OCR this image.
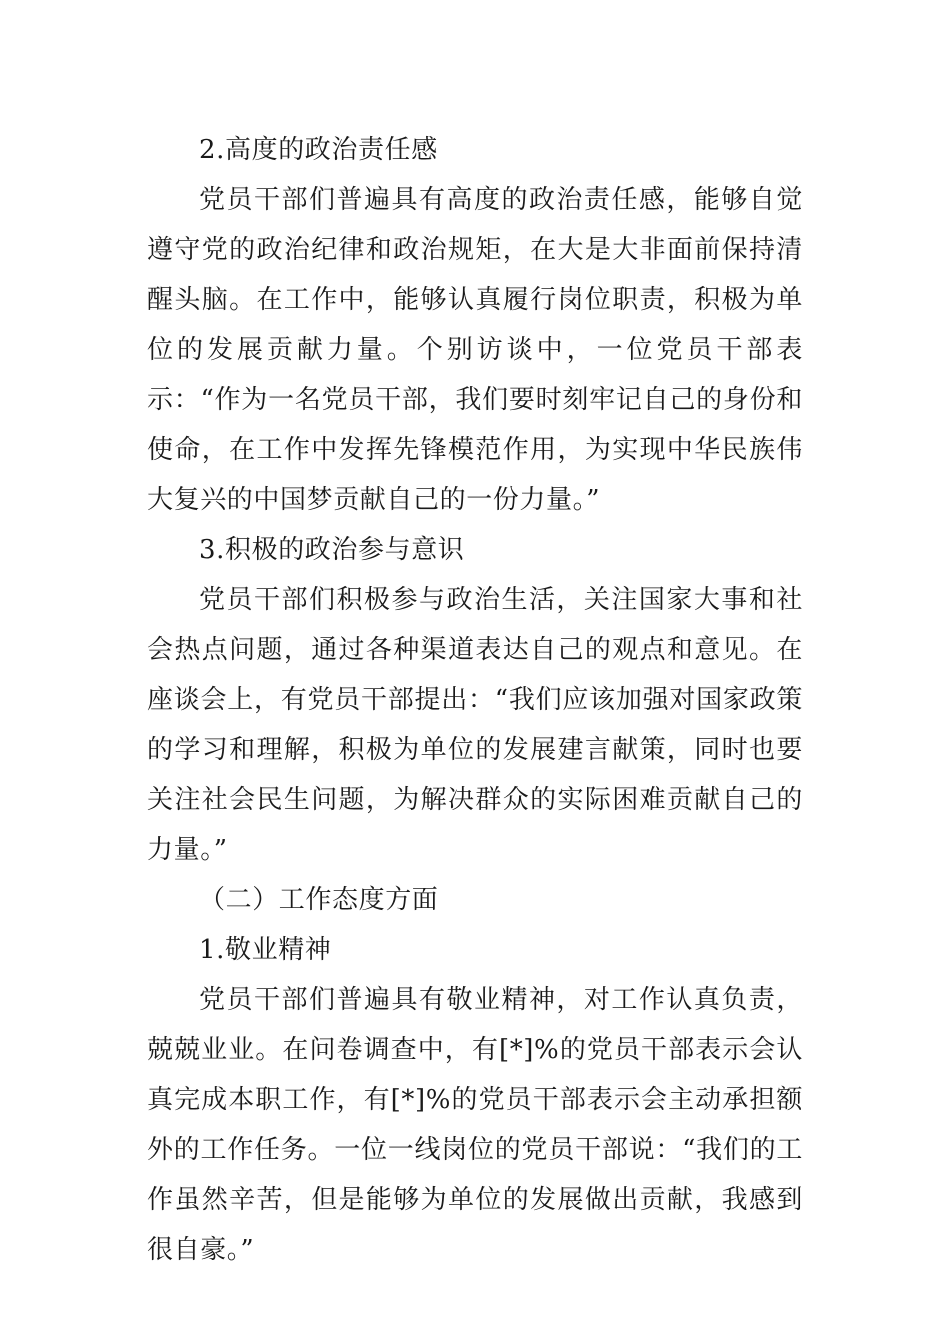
2.高度的政治责任感

党员干部们普遍具有高度的政治责任感，能够自觉遵守党的政治纪律和政治规矩，在大是大非面前保持清醒头脑。在工作中，能够认真履行岗位职责，积极为单位的发展贡献力量。个别访谈中，一位党员干部表示：“作为一名党员干部，我们要时刻牢记自己的身份和使命，在工作中发挥先锋模范作用，为实现中华民族伟大复兴的中国梦贡献自己的一份力量。”

3.积极的政治参与意识

党员干部们积极参与政治生活，关注国家大事和社会热点问题，通过各种渠道表达自己的观点和意见。在座谈会上，有党员干部提出：“我们应该加强对国家政策的学习和理解，积极为单位的发展建言献策，同时也要关注社会民生问题，为解决群众的实际困难贡献自己的力量。”

（二）工作态度方面

1.敬业精神

党员干部们普遍具有敬业精神，对工作认真负责，兢兢业业。在问卷调查中，有[*]%的党员干部表示会认真完成本职工作，有[*]%的党员干部表示会主动承担额外的工作任务。一位一线岗位的党员干部说：“我们的工作虽然辛苦，但是能够为单位的发展做出贡献，我感到很自豪。”
